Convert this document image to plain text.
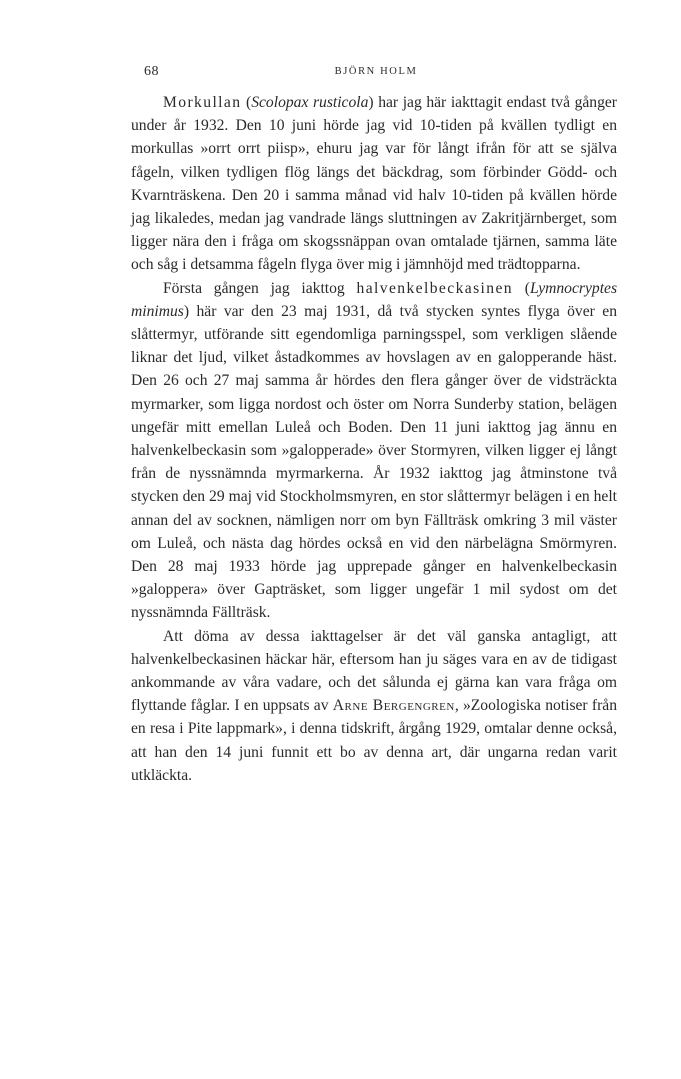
68	BJÖRN HOLM

Morkullan (Scolopax rusticola) har jag här iakttagit endast två gånger under år 1932. Den 10 juni hörde jag vid 10-tiden på kvällen tydligt en morkullas »orrt orrt piisp», ehuru jag var för långt ifrån för att se själva fågeln, vilken tydligen flög längs det bäckdrag, som förbinder Gödd- och Kvarnträskena. Den 20 i samma månad vid halv 10-tiden på kvällen hörde jag likaledes, medan jag vandrade längs sluttningen av Zakritjärnberget, som ligger nära den i fråga om skogssnäppan ovan omtalade tjärnen, samma läte och såg i detsamma fågeln flyga över mig i jämnhöjd med trädtopparna.

Första gången jag iakttog halvenkelbeckasinen (Lymnocryptes minimus) här var den 23 maj 1931, då två stycken syntes flyga över en slåttermyr, utförande sitt egendomliga parningsspel, som verkligen slående liknar det ljud, vilket åstadkommes av hovslagen av en galopperande häst. Den 26 och 27 maj samma år hördes den flera gånger över de vidsträckta myrmarker, som ligga nordost och öster om Norra Sunderby station, belägen ungefär mitt emellan Luleå och Boden. Den 11 juni iakttog jag ännu en halvenkelbeckasin som »galopperade» över Stormyren, vilken ligger ej långt från de nyssnämnda myrmarkerna. År 1932 iakttog jag åtminstone två stycken den 29 maj vid Stockholmsmyren, en stor slåttermyr belägen i en helt annan del av socknen, nämligen norr om byn Fällträsk omkring 3 mil väster om Luleå, och nästa dag hördes också en vid den närbelägna Smörmyren. Den 28 maj 1933 hörde jag upprepade gånger en halvenkelbeckasin »galoppera» över Gapträsket, som ligger ungefär 1 mil sydost om det nyssnämnda Fällträsk.

Att döma av dessa iakttagelser är det väl ganska antagligt, att halvenkelbeckasinen häckar här, eftersom han ju säges vara en av de tidigast ankommande av våra vadare, och det sålunda ej gärna kan vara fråga om flyttande fåglar. I en uppsats av Arne Bergengren, »Zoologiska notiser från en resa i Pite lappmark», i denna tidskrift, årgång 1929, omtalar denne också, att han den 14 juni funnit ett bo av denna art, där ungarna redan varit utkläckta.
